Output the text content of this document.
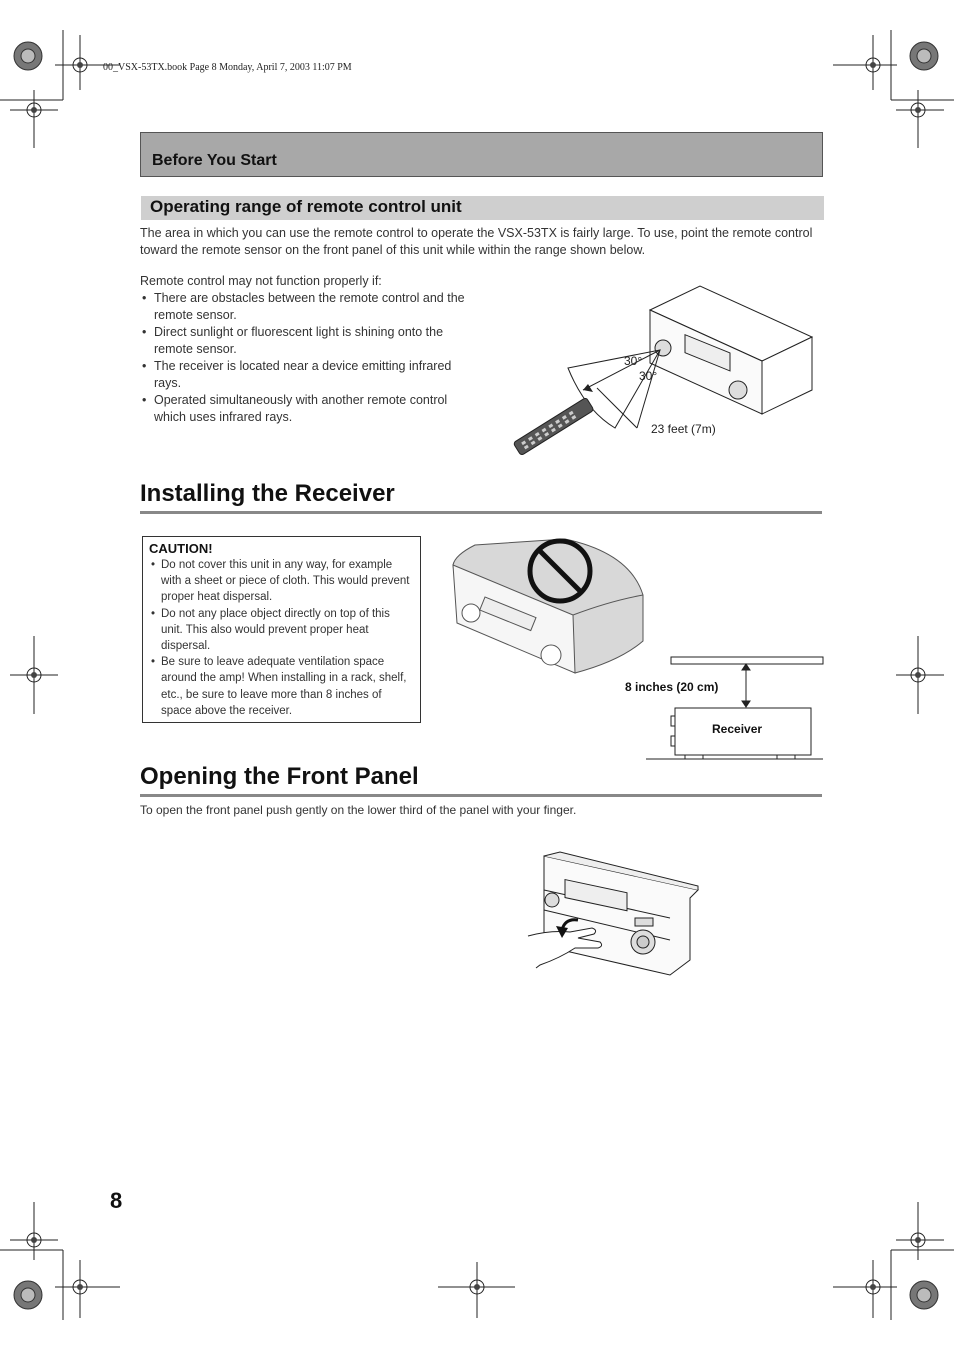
00_VSX-53TX.book Page 8 Monday, April 7, 2003 11:07 PM
Before You Start
Operating range of remote control unit

The area in which you can use the remote control to operate the VSX-53TX is fairly large. To use, point the remote control toward the remote sensor on the front panel of this unit while within the range shown below.

Remote control may not function properly if:

• There are obstacles between the remote control and the remote sensor.
• Direct sunlight or fluorescent light is shining onto the remote sensor.
• The receiver is located near a device emitting infrared rays.
• Operated simultaneously with another remote control which uses infrared rays.
30°
30°
23 feet (7m)
Installing the Receiver
CAUTION!
• Do not cover this unit in any way, for example with a sheet or piece of cloth. This would prevent proper heat dispersal.
• Do not any place object directly on top of this unit. This also would prevent proper heat dispersal.
• Be sure to leave adequate ventilation space around the amp! When installing in a rack, shelf, etc., be sure to leave more than 8 inches of space above the receiver.
8 inches (20 cm)
Receiver
Opening the Front Panel

To open the front panel push gently on the lower third of the panel with your finger.

8
